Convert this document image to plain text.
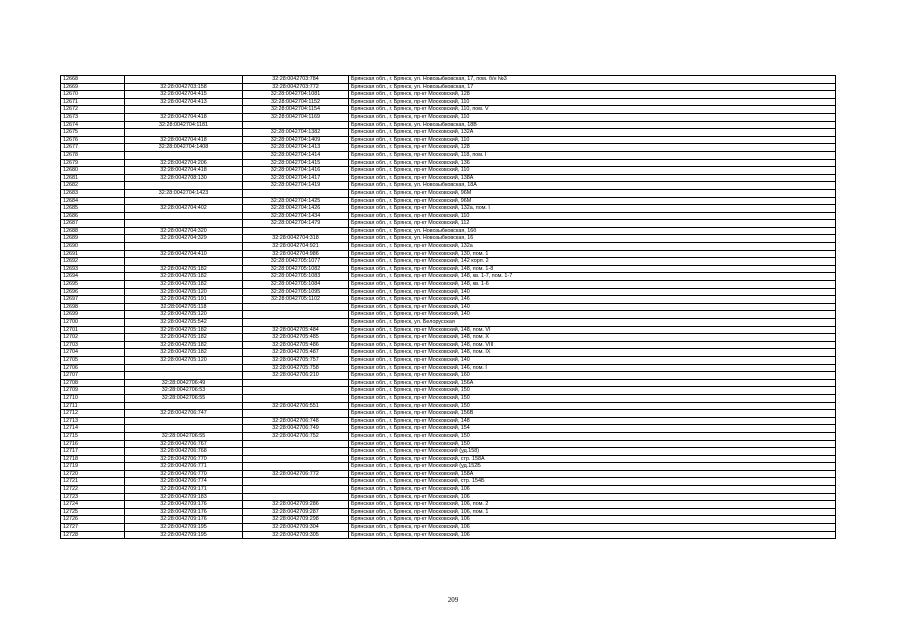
12668		32:28:0042703:784	Брянская обл., г. Брянск, ул. Новозыбковская, 17, пом. б/н №3
12669	32:28:0042703:158	32:28:0042703:772	Брянская обл., г. Брянск, ул. Новозыбковская, 17
12670	32:28:0042704:415	32:28:0042704:1081	Брянская обл., г. Брянск, пр-кт Московский, 128
12671	32:28:0042704:413	32:28:0042704:1152	Брянская обл., г. Брянск, пр-кт Московский, 110
12672		32:28:0042704:1154	Брянская обл., г. Брянск, пр-кт Московский, 110, пом. V
12673	32:28:0042704:418	32:28:0042704:1169	Брянская обл., г. Брянск, пр-кт Московский, 110
12674	32:28:0042704:1181		Брянская обл., г. Брянск, ул. Новозыбковская, 18В
12675		32:28:0042704:1382	Брянская обл., г. Брянск, пр-кт Московский, 132А
12676	32:28:0042704:418	32:28:0042704:1409	Брянская обл., г. Брянск, пр-кт Московский, 110
12677	32:28:0042704:1408	32:28:0042704:1413	Брянская обл., г. Брянск, пр-кт Московский, 128
12678		32:28:0042704:1414	Брянская обл., г. Брянск, пр-кт Московский, 118, пом. I
12679	32:28:0042704:206	32:28:0042704:1415	Брянская обл., г. Брянск, пр-кт Московский, 136
12680	32:28:0042704:418	32:28:0042704:1416	Брянская обл., г. Брянск, пр-кт Московский, 110
12681	32:28:0042708:130	32:28:0042704:1417	Брянская обл., г. Брянск, пр-кт Московский, 138А
12682		32:28:0042704:1419	Брянская обл., г. Брянск, ул. Новозыбковская, 18А
12683	32:28:0042704:1423		Брянская обл., г. Брянск, пр-кт Московский, 96М
12684		32:28:0042704:1425	Брянская обл., г. Брянск, пр-кт Московский, 96М
12685	32:28:0042704:402	32:28:0042704:1426	Брянская обл., г. Брянск, пр-кт Московский, 132а, пом. I
12686		32:28:0042704:1434	Брянская обл., г. Брянск, пр-кт Московский, 110
12687		32:28:0042704:1479	Брянская обл., г. Брянск, пр-кт Московский, 112
12688	32:28:0042704:320		Брянская обл., г. Брянск, ул. Новозыбковская, 16б
12689	32:28:0042704:329	32:28:0042704:318	Брянская обл., г. Брянск, ул. Новозыбковская, 16
12690		32:28:0042704:921	Брянская обл., г. Брянск, пр-кт Московский, 132а
12691	32:28:0042704:410	32:28:0042704:986	Брянская обл., г. Брянск, пр-кт Московский, 130, пом. 1
12692		32:28:0042705:1077	Брянская обл., г. Брянск, пр-кт Московский, 142 корп. 2
12693	32:28:0042705:182	32:28:0042705:1082	Брянская обл., г. Брянск, пр-кт Московский, 148, пом. 1-8
12694	32:28:0042705:182	32:28:0042705:1083	Брянская обл., г. Брянск, пр-кт Московский, 148, кв. 1-7, пом. 1-7
12695	32:28:0042705:182	32:28:0042705:1084	Брянская обл., г. Брянск, пр-кт Московский, 148, кв. 1-6
12696	32:28:0042705:120	32:28:0042705:1095	Брянская обл., г. Брянск, пр-кт Московский, 140
12697	32:28:0042705:191	32:28:0042705:1102	Брянская обл., г. Брянск, пр-кт Московский, 146
12698	32:28:0042705:118		Брянская обл., г. Брянск, пр-кт Московский, 140
12699	32:28:0042705:120		Брянская обл., г. Брянск, пр-кт Московский, 140
12700	32:28:0042705:542		Брянская обл., г. Брянск, ул. Белорусская
12701	32:28:0042705:182	32:28:0042705:484	Брянская обл., г. Брянск, пр-кт Московский, 148, пом. VI
12702	32:28:0042705:182	32:28:0042705:485	Брянская обл., г. Брянск, пр-кт Московский, 148, пом. X
12703	32:28:0042705:182	32:28:0042705:486	Брянская обл., г. Брянск, пр-кт Московский, 148, пом. VIII
12704	32:28:0042705:182	32:28:0042705:487	Брянская обл., г. Брянск, пр-кт Московский, 148, пом. IX
12705	32:28:0042705:120	32:28:0042705:757	Брянская обл., г. Брянск, пр-кт Московский, 140
12706		32:28:0042705:758	Брянская обл., г. Брянск, пр-кт Московский, 146, пом. I
12707		32:28:0042706:210	Брянская обл., г. Брянск, пр-кт Московский, 160
12708	32:28:0042706:49		Брянская обл., г. Брянск, пр-кт Московский, 156А
12709	32:28:0042706:53		Брянская обл., г. Брянск, пр-кт Московский, 150
12710	32:28:0042706:55		Брянская обл., г. Брянск, пр-кт Московский, 150
12711		32:28:0042706:551	Брянская обл., г. Брянск, пр-кт Московский, 150
12712	32:28:0042706:747		Брянская обл., г. Брянск, пр-кт Московский, 156В
12713		32:28:0042706:748	Брянская обл., г. Брянск, пр-кт Московский, 148
12714		32:28:0042706:749	Брянская обл., г. Брянск, пр-кт Московский, 154
12715	32:28:0042706:55	32:28:0042706:752	Брянская обл., г. Брянск, пр-кт Московский, 150
12716	32:28:0042706:767		Брянская обл., г. Брянск, пр-кт Московский, 150
12717	32:28:0042706:768		Брянская обл., г. Брянск, пр-кт Московский (уд.158)
12718	32:28:0042706:770		Брянская обл., г. Брянск, пр-кт Московский, стр. 158А
12719	32:28:0042706:771		Брянская обл., г. Брянск, пр-кт Московский (уд.152Б
12720	32:28:0042706:770	32:28:0042706:772	Брянская обл., г. Брянск, пр-кт Московский, 158А
12721	32:28:0042706:774		Брянская обл., г. Брянск, пр-кт Московский, стр. 154Б
12722	32:28:0042709:171		Брянская обл., г. Брянск, пр-кт Московский, 106
12723	32:28:0042709:183		Брянская обл., г. Брянск, пр-кт Московский, 106
12724	32:28:0042709:176	32:28:0042709:286	Брянская обл., г. Брянск, пр-кт Московский, 106, пом. 2
12725	32:28:0042709:176	32:28:0042709:287	Брянская обл., г. Брянск, пр-кт Московский, 106, пом. 1
12726	32:28:0042709:176	32:28:0042709:298	Брянская обл., г. Брянск, пр-кт Московский, 106
12727	32:28:0042709:195	32:28:0042709:304	Брянская обл., г. Брянск, пр-кт Московский, 106
12728	32:28:0042709:195	32:28:0042709:305	Брянская обл., г. Брянск, пр-кт Московский, 106
209
